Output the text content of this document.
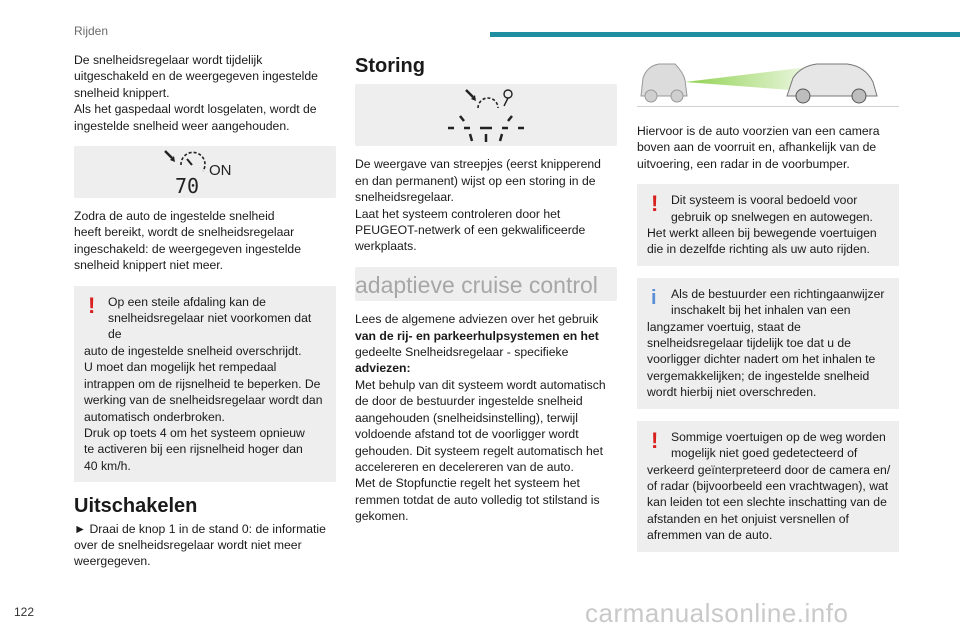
Rijden

De snelheidsregelaar wordt tijdelijk
uitgeschakeld en de weergegeven ingestelde
snelheid knippert.
Als het gaspedaal wordt losgelaten, wordt de
ingestelde snelheid weer aangehouden.

70
ON

Zodra de auto de ingestelde snelheid
heeft bereikt, wordt de snelheidsregelaar
ingeschakeld: de weergegeven ingestelde
snelheid knippert niet meer.

!	Op een steile afdaling kan de
snelheidsregelaar niet voorkomen dat de
auto de ingestelde snelheid overschrijdt.
U moet dan mogelijk het rempedaal
intrappen om de rijsnelheid te beperken. De
werking van de snelheidsregelaar wordt dan
automatisch onderbroken.
Druk op toets 4 om het systeem opnieuw
te activeren bij een rijsnelheid hoger dan
40 km/h.
Uitschakelen

► Draai de knop 1 in de stand 0: de informatie
over de snelheidsregelaar wordt niet meer
weergegeven.

Storing

De weergave van streepjes (eerst knipperend
en dan permanent) wijst op een storing in de
snelheidsregelaar.
Laat het systeem controleren door het
PEUGEOT-netwerk of een gekwalificeerde
werkplaats.

adaptieve cruise control

Lees de algemene adviezen over het gebruik
van de rij- en parkeerhulpsystemen en het
gedeelte Snelheidsregelaar - specifieke
adviezen:
Met behulp van dit systeem wordt automatisch
de door de bestuurder ingestelde snelheid
aangehouden (snelheidsinstelling), terwijl
voldoende afstand tot de voorligger wordt
gehouden. Dit systeem regelt automatisch het
accelereren en decelereren van de auto.
Met de Stopfunctie regelt het systeem het
remmen totdat de auto volledig tot stilstand is
gekomen.

Hiervoor is de auto voorzien van een camera
boven aan de voorruit en, afhankelijk van de
uitvoering, een radar in de voorbumper.

!	Dit systeem is vooral bedoeld voor
gebruik op snelwegen en autowegen.
Het werkt alleen bij bewegende voertuigen
die in dezelfde richting als uw auto rijden.
i	Als de bestuurder een richtingaanwijzer
inschakelt bij het inhalen van een
langzamer voertuig, staat de
snelheidsregelaar tijdelijk toe dat u de
voorligger dichter nadert om het inhalen te
vergemakkelijken; de ingestelde snelheid
wordt hierbij niet overschreden.
!	Sommige voertuigen op de weg worden
mogelijk niet goed gedetecteerd of
verkeerd geïnterpreteerd door de camera en/
of radar (bijvoorbeeld een vrachtwagen), wat
kan leiden tot een slechte inschatting van de
afstanden en het onjuist versnellen of
afremmen van de auto.
122	carmanualsonline.info
